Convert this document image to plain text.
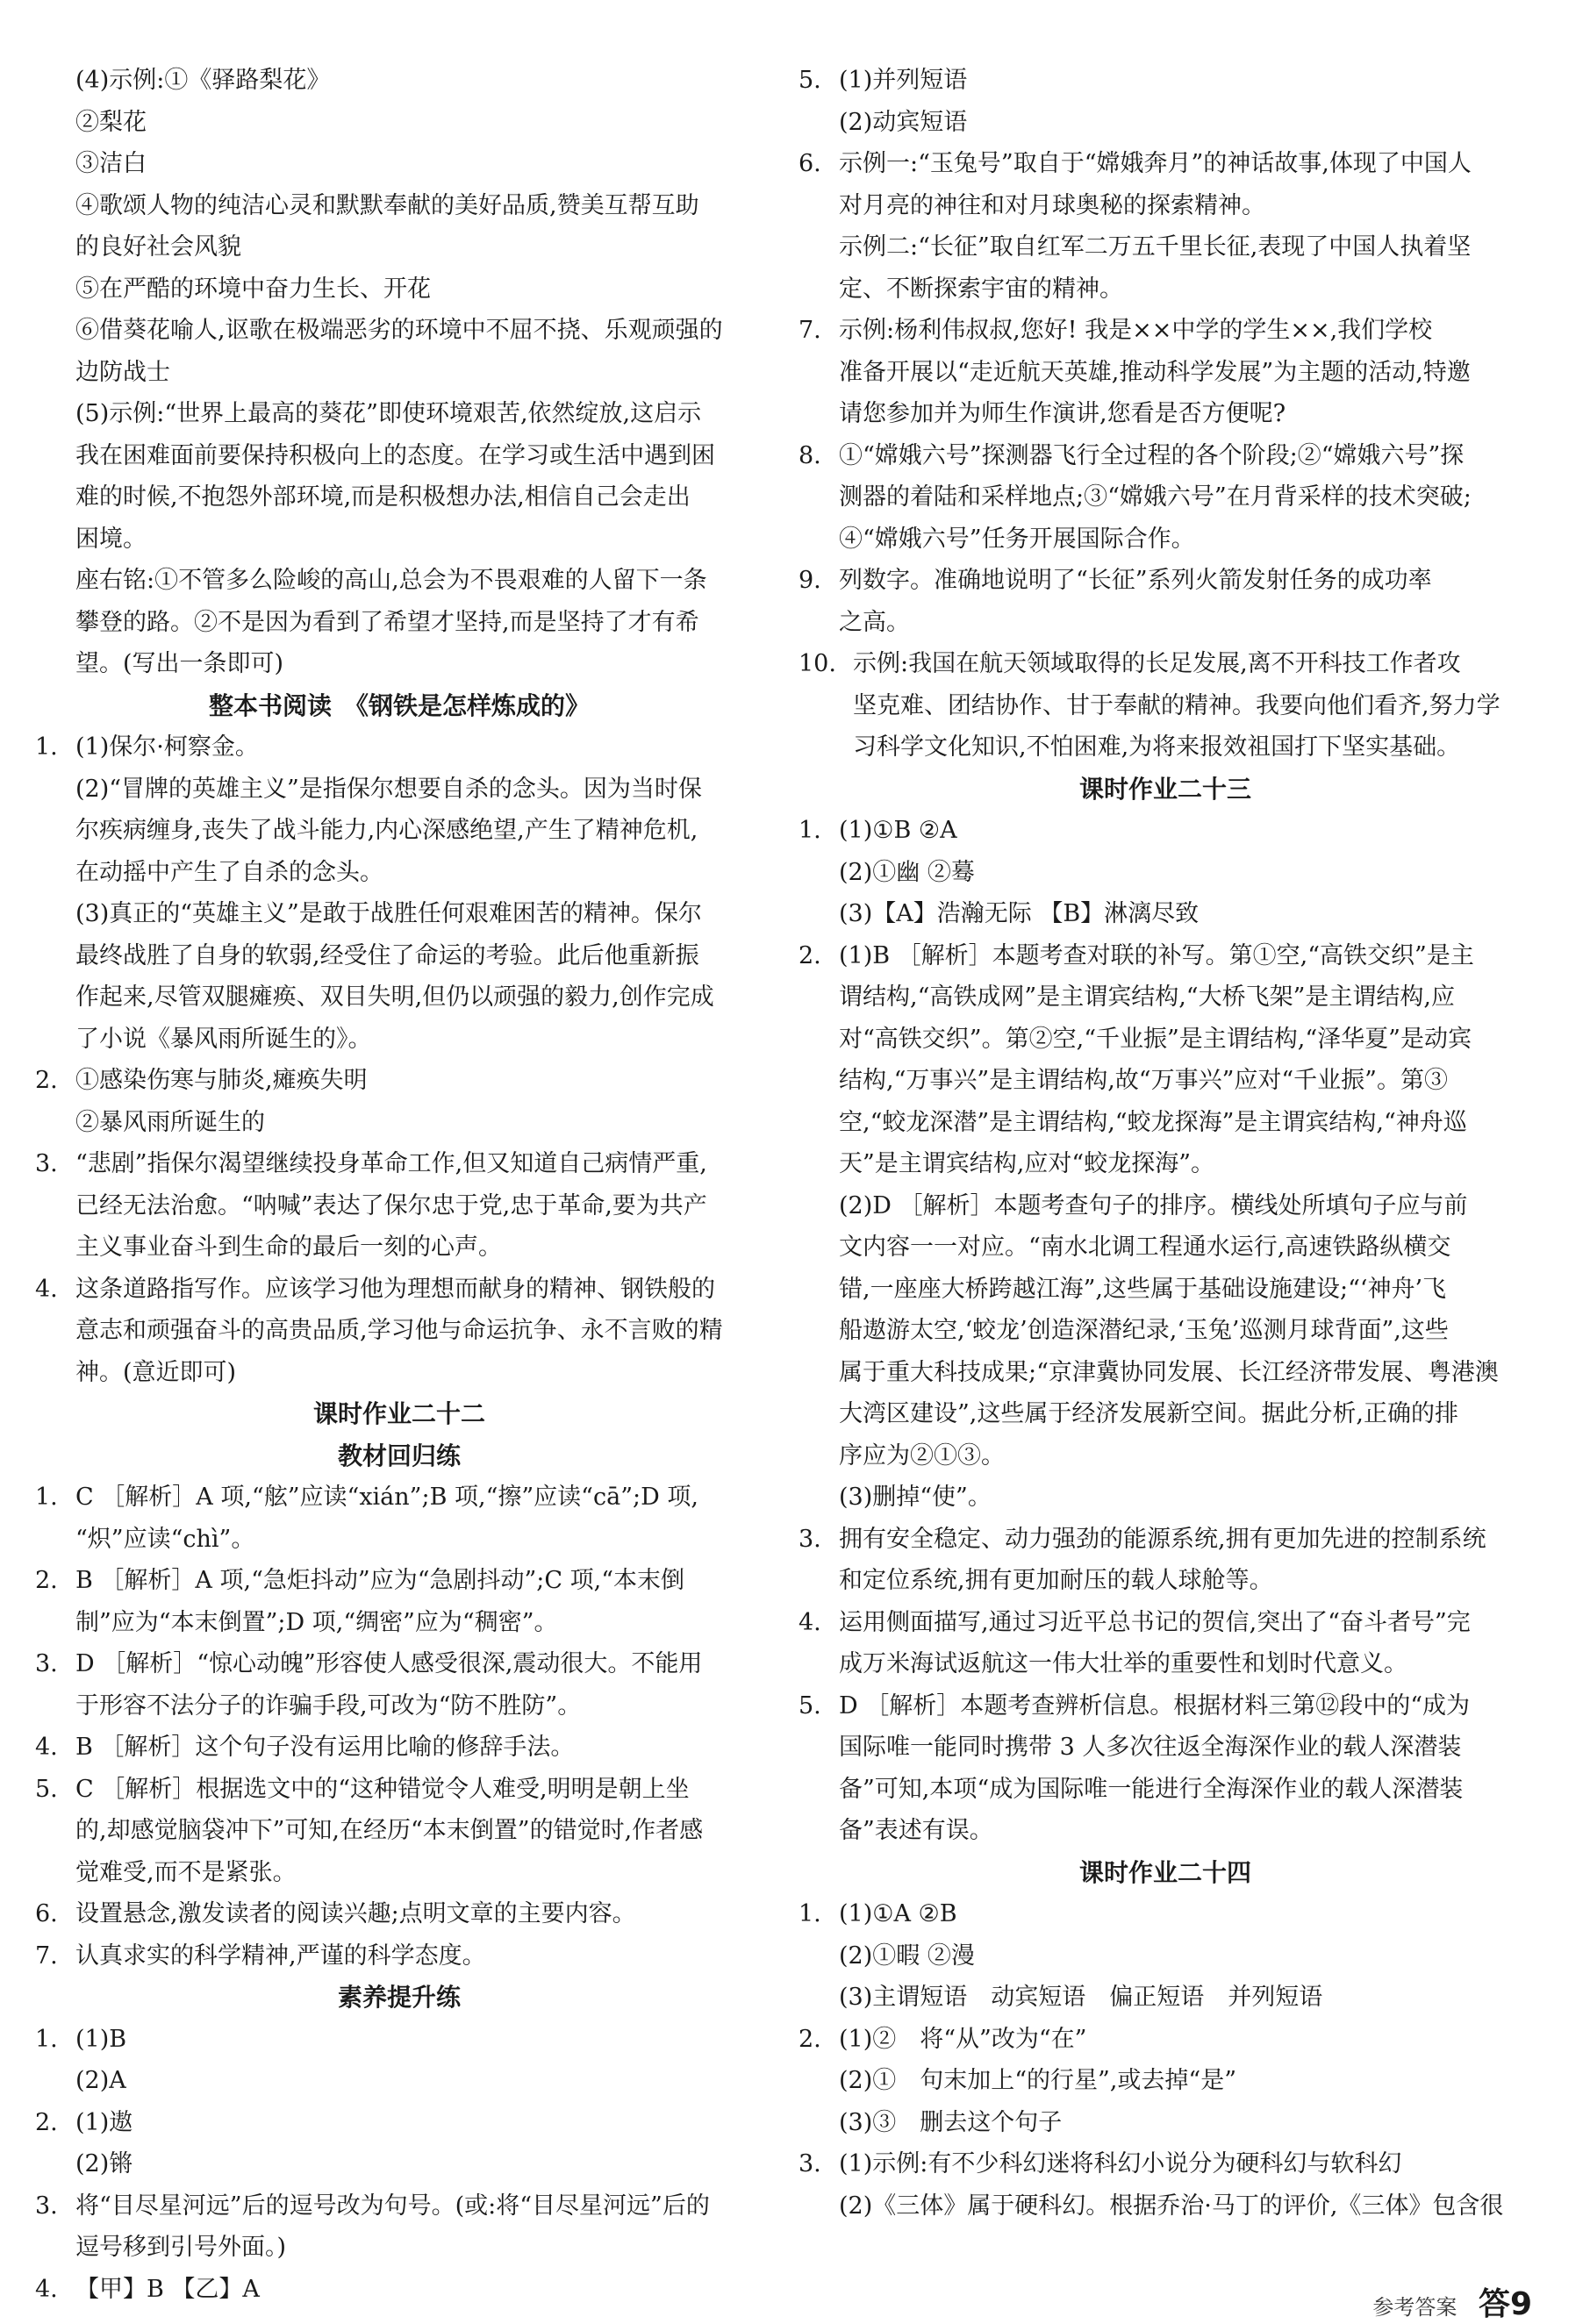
(4)示例:①《驿路梨花》
②梨花
③洁白
④歌颂人物的纯洁心灵和默默奉献的美好品质,赞美互帮互助
的良好社会风貌
⑤在严酷的环境中奋力生长、开花
⑥借葵花喻人,讴歌在极端恶劣的环境中不屈不挠、乐观顽强的
边防战士
(5)示例:“世界上最高的葵花”即使环境艰苦,依然绽放,这启示
我在困难面前要保持积极向上的态度。在学习或生活中遇到困
难的时候,不抱怨外部环境,而是积极想办法,相信自己会走出
困境。
座右铭:①不管多么险峻的高山,总会为不畏艰难的人留下一条
攀登的路。②不是因为看到了希望才坚持,而是坚持了才有希
望。(写出一条即可)
整本书阅读　《钢铁是怎样炼成的》
1. (1)保尔·柯察金。
(2)“冒牌的英雄主义”是指保尔想要自杀的念头。因为当时保
尔疾病缠身,丧失了战斗能力,内心深感绝望,产生了精神危机,
在动摇中产生了自杀的念头。
(3)真正的“英雄主义”是敢于战胜任何艰难困苦的精神。保尔
最终战胜了自身的软弱,经受住了命运的考验。此后他重新振
作起来,尽管双腿瘫痪、双目失明,但仍以顽强的毅力,创作完成
了小说《暴风雨所诞生的》。
2. ①感染伤寒与肺炎,瘫痪失明
②暴风雨所诞生的
3. “悲剧”指保尔渴望继续投身革命工作,但又知道自己病情严重,
已经无法治愈。“呐喊”表达了保尔忠于党,忠于革命,要为共产
主义事业奋斗到生命的最后一刻的心声。
4. 这条道路指写作。应该学习他为理想而献身的精神、钢铁般的
意志和顽强奋斗的高贵品质,学习他与命运抗争、永不言败的精
神。(意近即可)
课时作业二十二
教材回归练
1. C ［解析］A 项,“舷”应读“xián”;B 项,“擦”应读“cā”;D 项,
“炽”应读“chì”。
2. B ［解析］A 项,“急炬抖动”应为“急剧抖动”;C 项,“本末倒
制”应为“本末倒置”;D 项,“绸密”应为“稠密”。
3. D ［解析］“惊心动魄”形容使人感受很深,震动很大。不能用
于形容不法分子的诈骗手段,可改为“防不胜防”。
4. B ［解析］这个句子没有运用比喻的修辞手法。
5. C ［解析］根据选文中的“这种错觉令人难受,明明是朝上坐
的,却感觉脑袋冲下”可知,在经历“本末倒置”的错觉时,作者感
觉难受,而不是紧张。
6. 设置悬念,激发读者的阅读兴趣;点明文章的主要内容。
7. 认真求实的科学精神,严谨的科学态度。
素养提升练
1. (1)B
(2)A
2. (1)遨
(2)锵
3. 将“目尽星河远”后的逗号改为句号。(或:将“目尽星河远”后的
逗号移到引号外面。)
4. 【甲】B 【乙】A
5. (1)并列短语
(2)动宾短语
6. 示例一:“玉兔号”取自于“嫦娥奔月”的神话故事,体现了中国人
对月亮的神往和对月球奥秘的探索精神。
示例二:“长征”取自红军二万五千里长征,表现了中国人执着坚
定、不断探索宇宙的精神。
7. 示例:杨利伟叔叔,您好! 我是××中学的学生××,我们学校
准备开展以“走近航天英雄,推动科学发展”为主题的活动,特邀
请您参加并为师生作演讲,您看是否方便呢?
8. ①“嫦娥六号”探测器飞行全过程的各个阶段;②“嫦娥六号”探
测器的着陆和采样地点;③“嫦娥六号”在月背采样的技术突破;
④“嫦娥六号”任务开展国际合作。
9. 列数字。准确地说明了“长征”系列火箭发射任务的成功率
之高。
10. 示例:我国在航天领域取得的长足发展,离不开科技工作者攻
坚克难、团结协作、甘于奉献的精神。我要向他们看齐,努力学
习科学文化知识,不怕困难,为将来报效祖国打下坚实基础。
课时作业二十三
1. (1)①B ②A
(2)①幽 ②蓦
(3)【A】浩瀚无际 【B】淋漓尽致
2. (1)B ［解析］本题考查对联的补写。第①空,“高铁交织”是主
谓结构,“高铁成网”是主谓宾结构,“大桥飞架”是主谓结构,应
对“高铁交织”。第②空,“千业振”是主谓结构,“泽华夏”是动宾
结构,“万事兴”是主谓结构,故“万事兴”应对“千业振”。第③
空,“蛟龙深潜”是主谓结构,“蛟龙探海”是主谓宾结构,“神舟巡
天”是主谓宾结构,应对“蛟龙探海”。
(2)D ［解析］本题考查句子的排序。横线处所填句子应与前
文内容一一对应。“南水北调工程通水运行,高速铁路纵横交
错,一座座大桥跨越江海”,这些属于基础设施建设;“‘神舟’飞
船遨游太空,‘蛟龙’创造深潜纪录,‘玉兔’巡测月球背面”,这些
属于重大科技成果;“京津冀协同发展、长江经济带发展、粤港澳
大湾区建设”,这些属于经济发展新空间。据此分析,正确的排
序应为②①③。
(3)删掉“使”。
3. 拥有安全稳定、动力强劲的能源系统,拥有更加先进的控制系统
和定位系统,拥有更加耐压的载人球舱等。
4. 运用侧面描写,通过习近平总书记的贺信,突出了“奋斗者号”完
成万米海试返航这一伟大壮举的重要性和划时代意义。
5. D ［解析］本题考查辨析信息。根据材料三第⑫段中的“成为
国际唯一能同时携带 3 人多次往返全海深作业的载人深潜装
备”可知,本项“成为国际唯一能进行全海深作业的载人深潜装
备”表述有误。
课时作业二十四
1. (1)①A ②B
(2)①暇 ②漫
(3)主谓短语　动宾短语　偏正短语　并列短语
2. (1)②　将“从”改为“在”
(2)①　句末加上“的行星”,或去掉“是”
(3)③　删去这个句子
3. (1)示例:有不少科幻迷将科幻小说分为硬科幻与软科幻
(2)《三体》属于硬科幻。根据乔治·马丁的评价,《三体》包含很
参考答案 答9
